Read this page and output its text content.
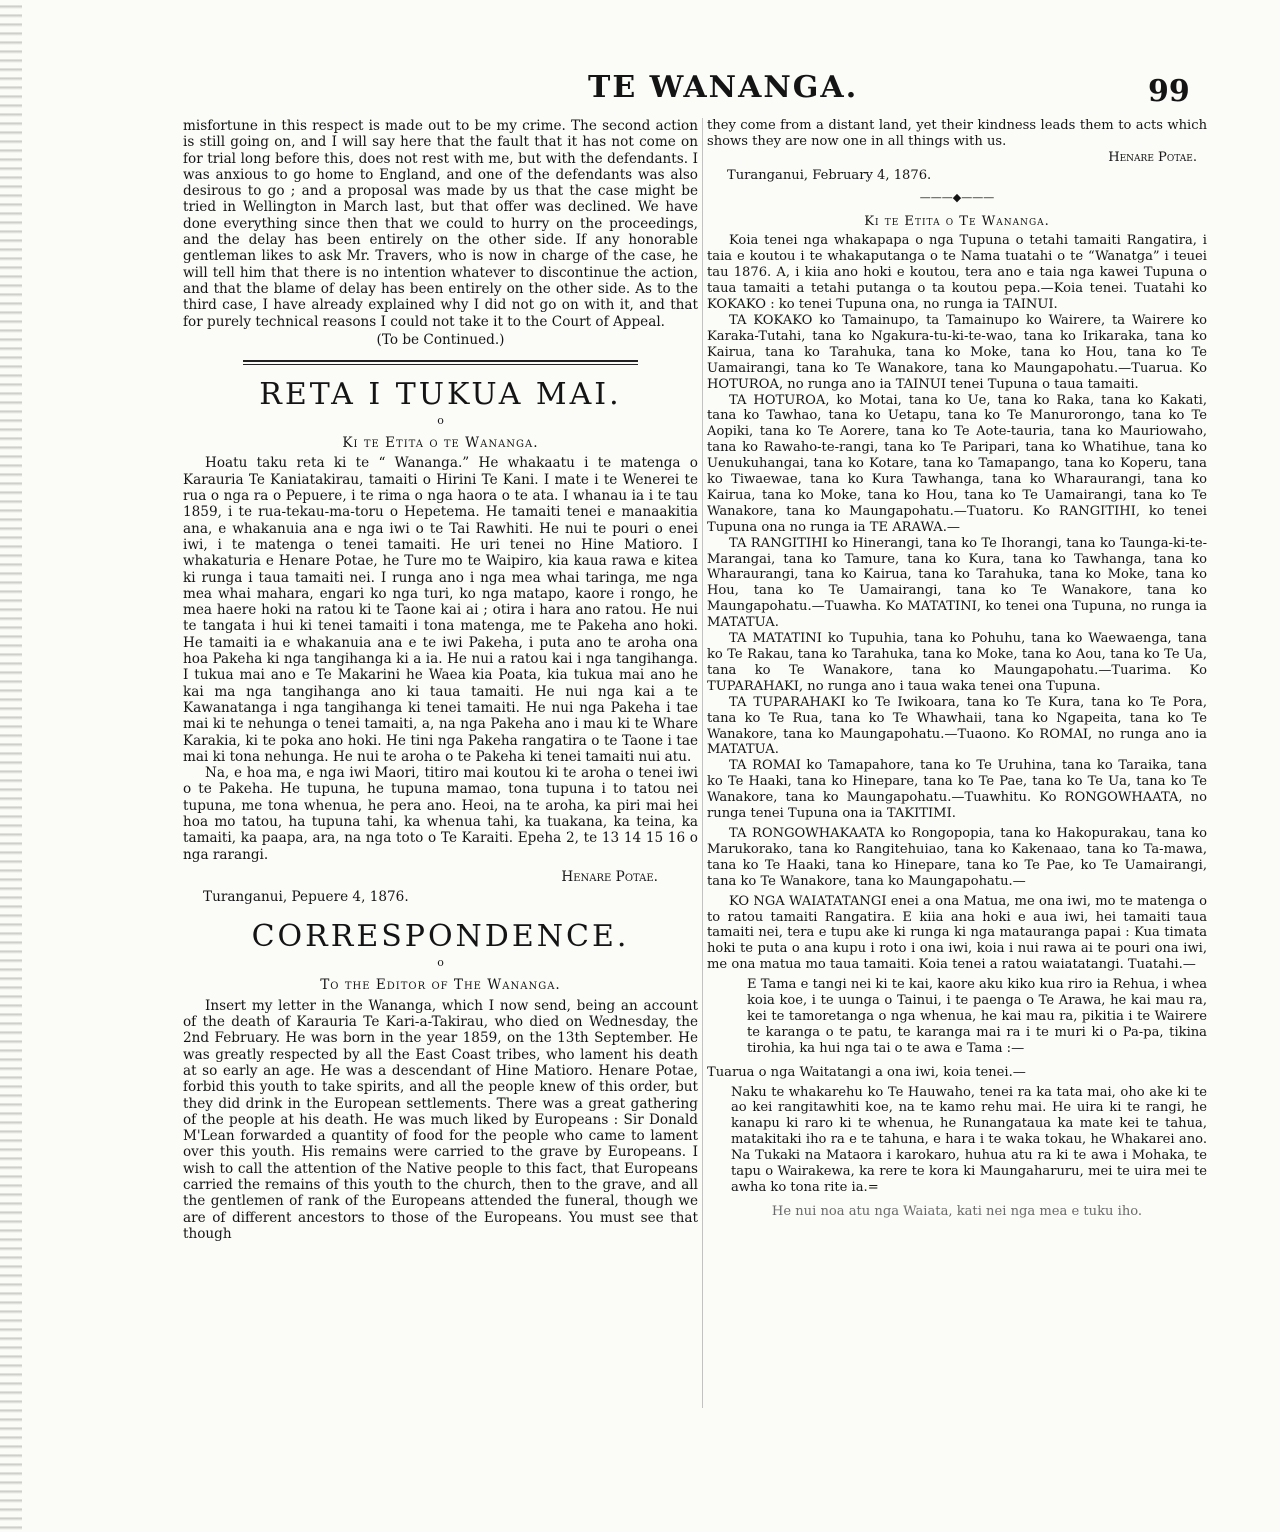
TE WANANGA.	99

misfortune in this respect is made out to be my crime. The second action is still going on, and I will say here that the fault that it has not come on for trial long before this, does not rest with me, but with the defendants. I was anxious to go home to England, and one of the defendants was also desirous to go ; and a proposal was made by us that the case might be tried in Wellington in March last, but that offer was declined. We have done everything since then that we could to hurry on the proceedings, and the delay has been entirely on the other side. If any honorable gentleman likes to ask Mr. Travers, who is now in charge of the case, he will tell him that there is no intention whatever to discontinue the action, and that the blame of delay has been entirely on the other side. As to the third case, I have already explained why I did not go on with it, and that for purely technical reasons I could not take it to the Court of Appeal.

(To be Continued.)

RETA I TUKUA MAI.
o

Ki te Etita o te Wananga.

Hoatu taku reta ki te “ Wananga.” He whakaatu i te matenga o Karauria Te Kaniatakirau, tamaiti o Hirini Te Kani. I mate i te Wenerei te rua o nga ra o Pepuere, i te rima o nga haora o te ata. I whanau ia i te tau 1859, i te rua-tekau-ma-toru o Hepetema. He tamaiti tenei e manaakitia ana, e whakanuia ana e nga iwi o te Tai Rawhiti. He nui te pouri o enei iwi, i te matenga o tenei tamaiti. He uri tenei no Hine Matioro. I whakaturia e Henare Potae, he Ture mo te Waipiro, kia kaua rawa e kitea ki runga i taua tamaiti nei. I runga ano i nga mea whai taringa, me nga mea whai mahara, engari ko nga turi, ko nga matapo, kaore i rongo, he mea haere hoki na ratou ki te Taone kai ai ; otira i hara ano ratou. He nui te tangata i hui ki tenei tamaiti i tona matenga, me te Pakeha ano hoki. He tamaiti ia e whakanuia ana e te iwi Pakeha, i puta ano te aroha ona hoa Pakeha ki nga tangihanga ki a ia. He nui a ratou kai i nga tangihanga. I tukua mai ano e Te Makarini he Waea kia Poata, kia tukua mai ano he kai ma nga tangihanga ano ki taua tamaiti. He nui nga kai a te Kawanatanga i nga tangihanga ki tenei tamaiti. He nui nga Pakeha i tae mai ki te nehunga o tenei tamaiti, a, na nga Pakeha ano i mau ki te Whare Karakia, ki te poka ano hoki. He tini nga Pakeha rangatira o te Taone i tae mai ki tona nehunga. He nui te aroha o te Pakeha ki tenei tamaiti nui atu.

Na, e hoa ma, e nga iwi Maori, titiro mai koutou ki te aroha o tenei iwi o te Pakeha. He tupuna, he tupuna mamao, tona tupuna i to tatou nei tupuna, me tona whenua, he pera ano. Heoi, na te aroha, ka piri mai hei hoa mo tatou, ha tupuna tahi, ka whenua tahi, ka tuakana, ka teina, ka tamaiti, ka paapa, ara, na nga toto o Te Karaiti. Epeha 2, te 13 14 15 16 o nga rarangi.

Henare Potae.

Turanganui, Pepuere 4, 1876.

CORRESPONDENCE.
o

To the Editor of The Wananga.

Insert my letter in the Wananga, which I now send, being an account of the death of Karauria Te Kari-a-Takirau, who died on Wednesday, the 2nd February. He was born in the year 1859, on the 13th September. He was greatly respected by all the East Coast tribes, who lament his death at so early an age. He was a descendant of Hine Matioro. Henare Potae, forbid this youth to take spirits, and all the people knew of this order, but they did drink in the European settlements. There was a great gathering of the people at his death. He was much liked by Europeans : Sir Donald M'Lean forwarded a quantity of food for the people who came to lament over this youth. His remains were carried to the grave by Europeans. I wish to call the attention of the Native people to this fact, that Europeans carried the remains of this youth to the church, then to the grave, and all the gentlemen of rank of the Europeans attended the funeral, though we are of different ancestors to those of the Europeans. You must see that though

they come from a distant land, yet their kindness leads them to acts which shows they are now one in all things with us.

Henare Potae.

Turanganui, February 4, 1876.

———◆———

Ki te Etita o Te Wananga.

Koia tenei nga whakapapa o nga Tupuna o tetahi tamaiti Rangatira, i taia e koutou i te whakaputanga o te Nama tuatahi o te “Wanatga” i teuei tau 1876. A, i kiia ano hoki e koutou, tera ano e taia nga kawei Tupuna o taua tamaiti a tetahi putanga o ta koutou pepa.—Koia tenei. Tuatahi ko KOKAKO : ko tenei Tupuna ona, no runga ia TAINUI.

TA KOKAKO ko Tamainupo, ta Tamainupo ko Wairere, ta Wairere ko Karaka-Tutahi, tana ko Ngakura-tu-ki-te-wao, tana ko Irikaraka, tana ko Kairua, tana ko Tarahuka, tana ko Moke, tana ko Hou, tana ko Te Uamairangi, tana ko Te Wanakore, tana ko Maungapohatu.—Tuarua. Ko HOTUROA, no runga ano ia TAINUI tenei Tupuna o taua tamaiti.

TA HOTUROA, ko Motai, tana ko Ue, tana ko Raka, tana ko Kakati, tana ko Tawhao, tana ko Uetapu, tana ko Te Manurorongo, tana ko Te Aopiki, tana ko Te Aorere, tana ko Te Aote-tauria, tana ko Mauriowaho, tana ko Rawaho-te-rangi, tana ko Te Paripari, tana ko Whatihue, tana ko Uenukuhangai, tana ko Kotare, tana ko Tamapango, tana ko Koperu, tana ko Tiwaewae, tana ko Kura Tawhanga, tana ko Wharaurangi, tana ko Kairua, tana ko Moke, tana ko Hou, tana ko Te Uamairangi, tana ko Te Wanakore, tana ko Maungapohatu.—Tuatoru. Ko RANGITIHI, ko tenei Tupuna ona no runga ia TE ARAWA.—

TA RANGITIHI ko Hinerangi, tana ko Te Ihorangi, tana ko Taunga-ki-te-Marangai, tana ko Tamure, tana ko Kura, tana ko Tawhanga, tana ko Wharaurangi, tana ko Kairua, tana ko Tarahuka, tana ko Moke, tana ko Hou, tana ko Te Uamairangi, tana ko Te Wanakore, tana ko Maungapohatu.—Tuawha. Ko MATATINI, ko tenei ona Tupuna, no runga ia MATATUA.

TA MATATINI ko Tupuhia, tana ko Pohuhu, tana ko Waewaenga, tana ko Te Rakau, tana ko Tarahuka, tana ko Moke, tana ko Aou, tana ko Te Ua, tana ko Te Wanakore, tana ko Maungapohatu.—Tuarima. Ko TUPARAHAKI, no runga ano i taua waka tenei ona Tupuna.

TA TUPARAHAKI ko Te Iwikoara, tana ko Te Kura, tana ko Te Pora, tana ko Te Rua, tana ko Te Whawhaii, tana ko Ngapeita, tana ko Te Wanakore, tana ko Maungapohatu.—Tuaono. Ko ROMAI, no runga ano ia MATATUA.

TA ROMAI ko Tamapahore, tana ko Te Uruhina, tana ko Taraika, tana ko Te Haaki, tana ko Hinepare, tana ko Te Pae, tana ko Te Ua, tana ko Te Wanakore, tana ko Maungapohatu.—Tuawhitu. Ko RONGOWHAATA, no runga tenei Tupuna ona ia TAKITIMI.

TA RONGOWHAKAATA ko Rongopopia, tana ko Hakopurakau, tana ko Marukorako, tana ko Rangitehuiao, tana ko Kakenaao, tana ko Ta-mawa, tana ko Te Haaki, tana ko Hinepare, tana ko Te Pae, ko Te Uamairangi, tana ko Te Wanakore, tana ko Maungapohatu.—

KO NGA WAIATATANGI enei a ona Matua, me ona iwi, mo te matenga o to ratou tamaiti Rangatira. E kiia ana hoki e aua iwi, hei tamaiti taua tamaiti nei, tera e tupu ake ki runga ki nga matauranga papai : Kua timata hoki te puta o ana kupu i roto i ona iwi, koia i nui rawa ai te pouri ona iwi, me ona matua mo taua tamaiti. Koia tenei a ratou waiatatangi. Tuatahi.—

E Tama e tangi nei ki te kai, kaore aku kiko kua riro ia Rehua, i whea koia koe, i te uunga o Tainui, i te paenga o Te Arawa, he kai mau ra, kei te tamoretanga o nga whenua, he kai mau ra, pikitia i te Wairere te karanga o te patu, te karanga mai ra i te muri ki o Pa-pa, tikina tirohia, ka hui nga tai o te awa e Tama :—

Tuarua o nga Waitatangi a ona iwi, koia tenei.—

Naku te whakarehu ko Te Hauwaho, tenei ra ka tata mai, oho ake ki te ao kei rangitawhiti koe, na te kamo rehu mai. He uira ki te rangi, he kanapu ki raro ki te whenua, he Runangataua ka mate kei te tahua, matakitaki iho ra e te tahuna, e hara i te waka tokau, he Whakarei ano. Na Tukaki na Mataora i karokaro, huhua atu ra ki te awa i Mohaka, te tapu o Wairakewa, ka rere te kora ki Maungaharuru, mei te uira mei te awha ko tona rite ia.=

He nui noa atu nga Waiata, kati nei nga mea e tuku iho.
